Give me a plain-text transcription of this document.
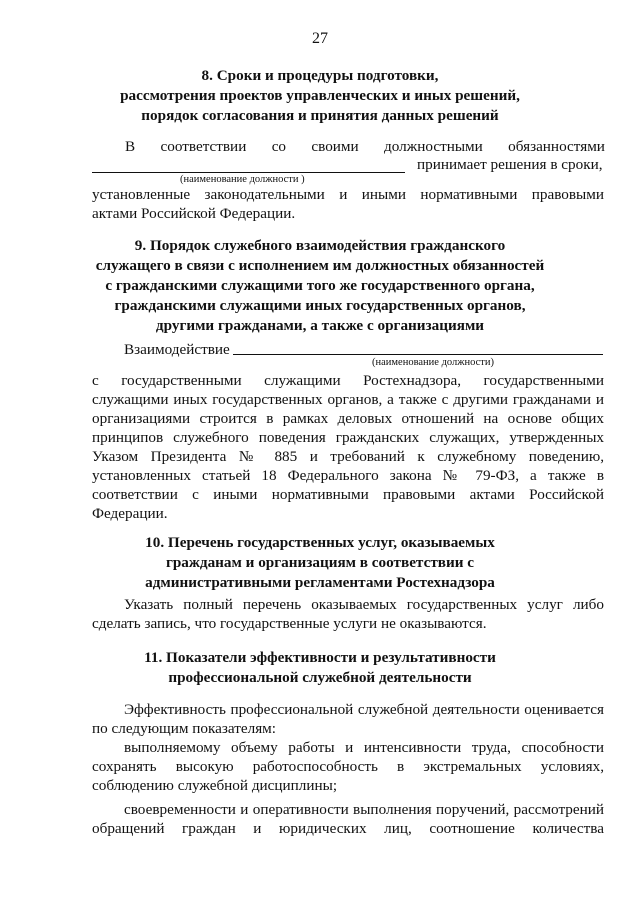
27
8. Сроки и процедуры подготовки,
рассмотрения проектов управленческих и иных решений,
порядок согласования и принятия данных решений
В соответствии со своими должностными обязанностями
принимает решения в сроки,
(наименование должности )
установленные законодательными и иными нормативными правовыми
актами Российской Федерации.
9. Порядок служебного взаимодействия гражданского
служащего в связи с исполнением им должностных обязанностей
с гражданскими служащими того же государственного органа,
гражданскими служащими иных государственных органов,
другими гражданами, а также с организациями
Взаимодействие
(наименование должности)
с государственными служащими Ростехнадзора, государственными
служащими иных государственных органов, а также с другими гражданами и
организациями строится в рамках деловых отношений на основе общих
принципов служебного поведения гражданских служащих, утвержденных
Указом Президента № 885 и требований к служебному поведению,
установленных статьей 18 Федерального закона № 79-ФЗ, а также в
соответствии с иными нормативными правовыми актами Российской
Федерации.
10. Перечень государственных услуг, оказываемых
гражданам и организациям в соответствии с
административными регламентами Ростехнадзора
Указать полный перечень оказываемых государственных услуг либо
сделать запись, что государственные услуги не оказываются.
11. Показатели эффективности и результативности
профессиональной служебной деятельности
Эффективность профессиональной служебной деятельности оценивается
по следующим показателям:
выполняемому объему работы и интенсивности труда, способности
сохранять высокую работоспособность в экстремальных условиях,
соблюдению служебной дисциплины;
своевременности и оперативности выполнения поручений, рассмотрений
обращений граждан и юридических лиц, соотношение количества
